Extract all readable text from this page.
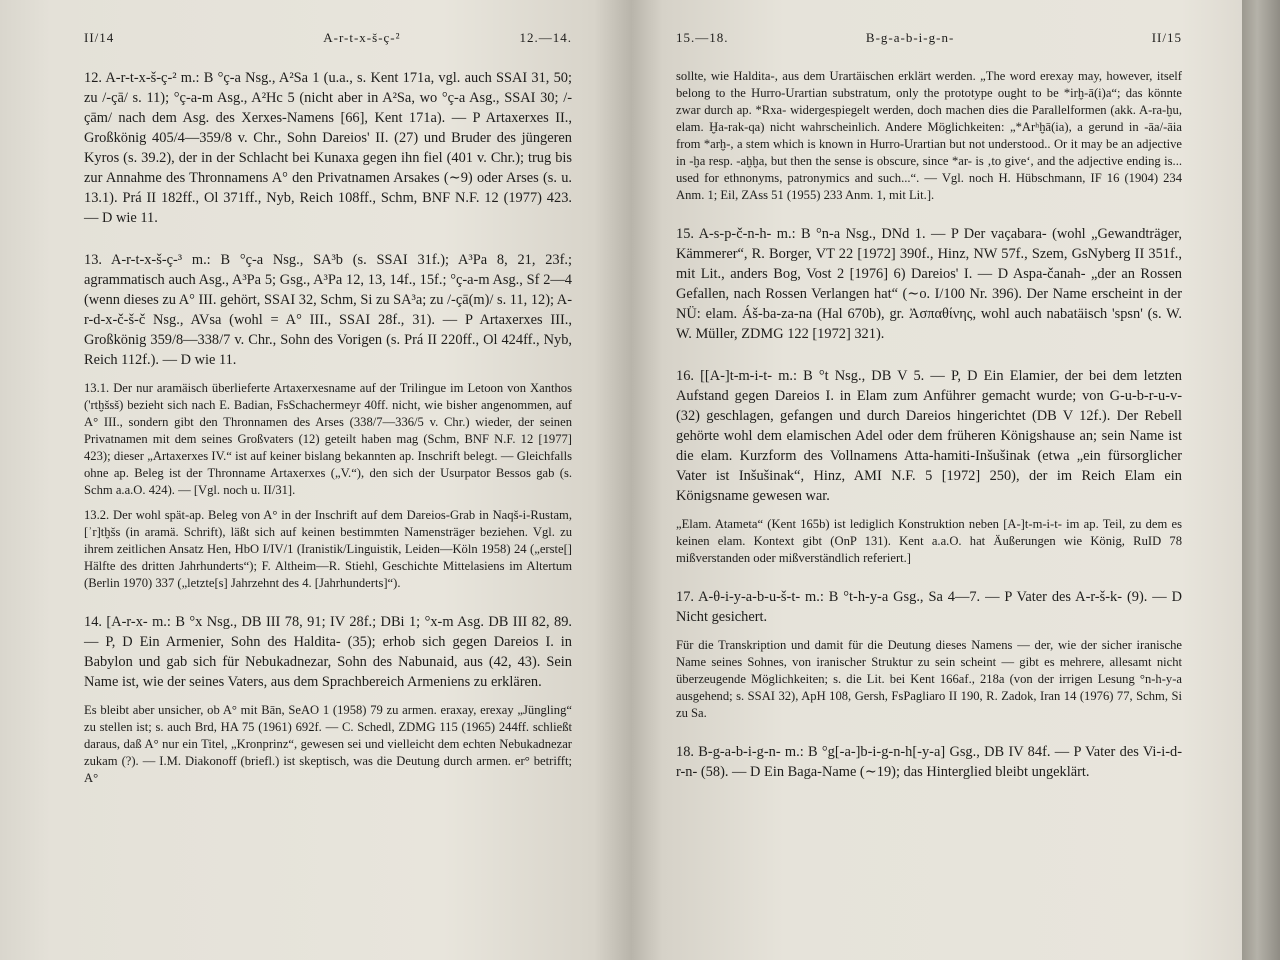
II/14	A-r-t-x-š-ç-²	12.—14.

12. A-r-t-x-š-ç-² m.: B °ç-a Nsg., A²Sa 1 (u.a., s. Kent 171a, vgl. auch SSAI 31, 50; zu /-çā/ s. 11); °ç-a-m Asg., A²Hc 5 (nicht aber in A²Sa, wo °ç-a Asg., SSAI 30; /-çām/ nach dem Asg. des Xerxes-Namens [66], Kent 171a). — P Artaxerxes II., Großkönig 405/4—359/8 v. Chr., Sohn Dareios' II. (27) und Bruder des jüngeren Kyros (s. 39.2), der in der Schlacht bei Kunaxa gegen ihn fiel (401 v. Chr.); trug bis zur Annahme des Thronnamens A° den Privatnamen Arsakes (∼9) oder Arses (s. u. 13.1). Prá II 182ff., Ol 371ff., Nyb, Reich 108ff., Schm, BNF N.F. 12 (1977) 423. — D wie 11.

13. A-r-t-x-š-ç-³ m.: B °ç-a Nsg., SA³b (s. SSAI 31f.); A³Pa 8, 21, 23f.; agrammatisch auch Asg., A³Pa 5; Gsg., A³Pa 12, 13, 14f., 15f.; °ç-a-m Asg., Sf 2—4 (wenn dieses zu A° III. gehört, SSAI 32, Schm, Si zu SA³a; zu /-çā(m)/ s. 11, 12); A-r-d-x-č-š-č Nsg., AVsa (wohl = A° III., SSAI 28f., 31). — P Artaxerxes III., Großkönig 359/8—338/7 v. Chr., Sohn des Vorigen (s. Prá II 220ff., Ol 424ff., Nyb, Reich 112f.). — D wie 11.

13.1. Der nur aramäisch überlieferte Artaxerxesname auf der Trilingue im Letoon von Xanthos ('rtḫšsš) bezieht sich nach E. Badian, FsSchachermeyr 40ff. nicht, wie bisher angenommen, auf A° III., sondern gibt den Thronnamen des Arses (338/7—336/5 v. Chr.) wieder, der seinen Privatnamen mit dem seines Großvaters (12) geteilt haben mag (Schm, BNF N.F. 12 [1977] 423); dieser „Artaxerxes IV.“ ist auf keiner bislang bekannten ap. Inschrift belegt. — Gleichfalls ohne ap. Beleg ist der Thronname Artaxerxes („V.“), den sich der Usurpator Bessos gab (s. Schm a.a.O. 424). — [Vgl. noch u. II/31].

13.2. Der wohl spät-ap. Beleg von A° in der Inschrift auf dem Dareios-Grab in Naqš-i-Rustam, [ʾr]tḫšs (in aramä. Schrift), läßt sich auf keinen bestimmten Namensträger beziehen. Vgl. zu ihrem zeitlichen Ansatz Hen, HbO I/IV/1 (Iranistik/Linguistik, Leiden—Köln 1958) 24 („erste[] Hälfte des dritten Jahrhunderts“); F. Altheim—R. Stiehl, Geschichte Mittelasiens im Altertum (Berlin 1970) 337 („letzte[s] Jahrzehnt des 4. [Jahrhunderts]“).

14. [A-r-x- m.: B °x Nsg., DB III 78, 91; IV 28f.; DBi 1; °x-m Asg. DB III 82, 89. — P, D Ein Armenier, Sohn des Haldita- (35); erhob sich gegen Dareios I. in Babylon und gab sich für Nebukadnezar, Sohn des Nabunaid, aus (42, 43). Sein Name ist, wie der seines Vaters, aus dem Sprachbereich Armeniens zu erklären.

Es bleibt aber unsicher, ob A° mit Bān, SeAO 1 (1958) 79 zu armen. eraxay, erexay „Jüngling“ zu stellen ist; s. auch Brd, HA 75 (1961) 692f. — C. Schedl, ZDMG 115 (1965) 244ff. schließt daraus, daß A° nur ein Titel, „Kronprinz“, gewesen sei und vielleicht dem echten Nebukadnezar zukam (?). — I.M. Diakonoff (briefl.) ist skeptisch, was die Deutung durch armen. er° betrifft; A°

15.—18.	B-g-a-b-i-g-n-	II/15

sollte, wie Haldita-, aus dem Urartäischen erklärt werden. „The word erexay may, however, itself belong to the Hurro-Urartian substratum, only the prototype ought to be *irḫ-ā(i)a“; das könnte zwar durch ap. *Rxa- widergespiegelt werden, doch machen dies die Parallelformen (akk. A-ra-ḫu, elam. Ḫa-rak-qa) nicht wahrscheinlich. Andere Möglichkeiten: „*Arʰḫā(ia), a gerund in -āa/-āia from *arḫ-, a stem which is known in Hurro-Urartian but not understood.. Or it may be an adjective in -ḫa resp. -aḫḫa, but then the sense is obscure, since *ar- is ‚to give‘, and the adjective ending is... used for ethnonyms, patronymics and such...“. — Vgl. noch H. Hübschmann, IF 16 (1904) 234 Anm. 1; Eil, ZAss 51 (1955) 233 Anm. 1, mit Lit.].

15. A-s-p-č-n-h- m.: B °n-a Nsg., DNd 1. — P Der vaçabara- (wohl „Gewandträger, Kämmerer“, R. Borger, VT 22 [1972] 390f., Hinz, NW 57f., Szem, GsNyberg II 351f., mit Lit., anders Bog, Vost 2 [1976] 6) Dareios' I. — D Aspa-čanah- „der an Rossen Gefallen, nach Rossen Verlangen hat“ (∼o. I/100 Nr. 396). Der Name erscheint in der NÜ: elam. Áš-ba-za-na (Hal 670b), gr. Ἀσπαθίνης, wohl auch nabatäisch 'spsn' (s. W. W. Müller, ZDMG 122 [1972] 321).

16. [[A-]t-m-i-t- m.: B °t Nsg., DB V 5. — P, D Ein Elamier, der bei dem letzten Aufstand gegen Dareios I. in Elam zum Anführer gemacht wurde; von G-u-b-r-u-v- (32) geschlagen, gefangen und durch Dareios hingerichtet (DB V 12f.). Der Rebell gehörte wohl dem elamischen Adel oder dem früheren Königshause an; sein Name ist die elam. Kurzform des Vollnamens Atta-hamiti-Inšušinak (etwa „ein fürsorglicher Vater ist Inšušinak“, Hinz, AMI N.F. 5 [1972] 250), der im Reich Elam ein Königsname gewesen war.

„Elam. Atameta“ (Kent 165b) ist lediglich Konstruktion neben [A-]t-m-i-t- im ap. Teil, zu dem es keinen elam. Kontext gibt (OnP 131). Kent a.a.O. hat Äußerungen wie König, RuID 78 mißverstanden oder mißverständlich referiert.]

17. A-θ-i-y-a-b-u-š-t- m.: B °t-h-y-a Gsg., Sa 4—7. — P Vater des A-r-š-k- (9). — D Nicht gesichert.

Für die Transkription und damit für die Deutung dieses Namens — der, wie der sicher iranische Name seines Sohnes, von iranischer Struktur zu sein scheint — gibt es mehrere, allesamt nicht überzeugende Möglichkeiten; s. die Lit. bei Kent 166af., 218a (von der irrigen Lesung °n-h-y-a ausgehend; s. SSAI 32), ApH 108, Gersh, FsPagliaro II 190, R. Zadok, Iran 14 (1976) 77, Schm, Si zu Sa.

18. B-g-a-b-i-g-n- m.: B °g[-a-]b-i-g-n-h[-y-a] Gsg., DB IV 84f. — P Vater des Vi-i-d-r-n- (58). — D Ein Baga-Name (∼19); das Hinterglied bleibt ungeklärt.
